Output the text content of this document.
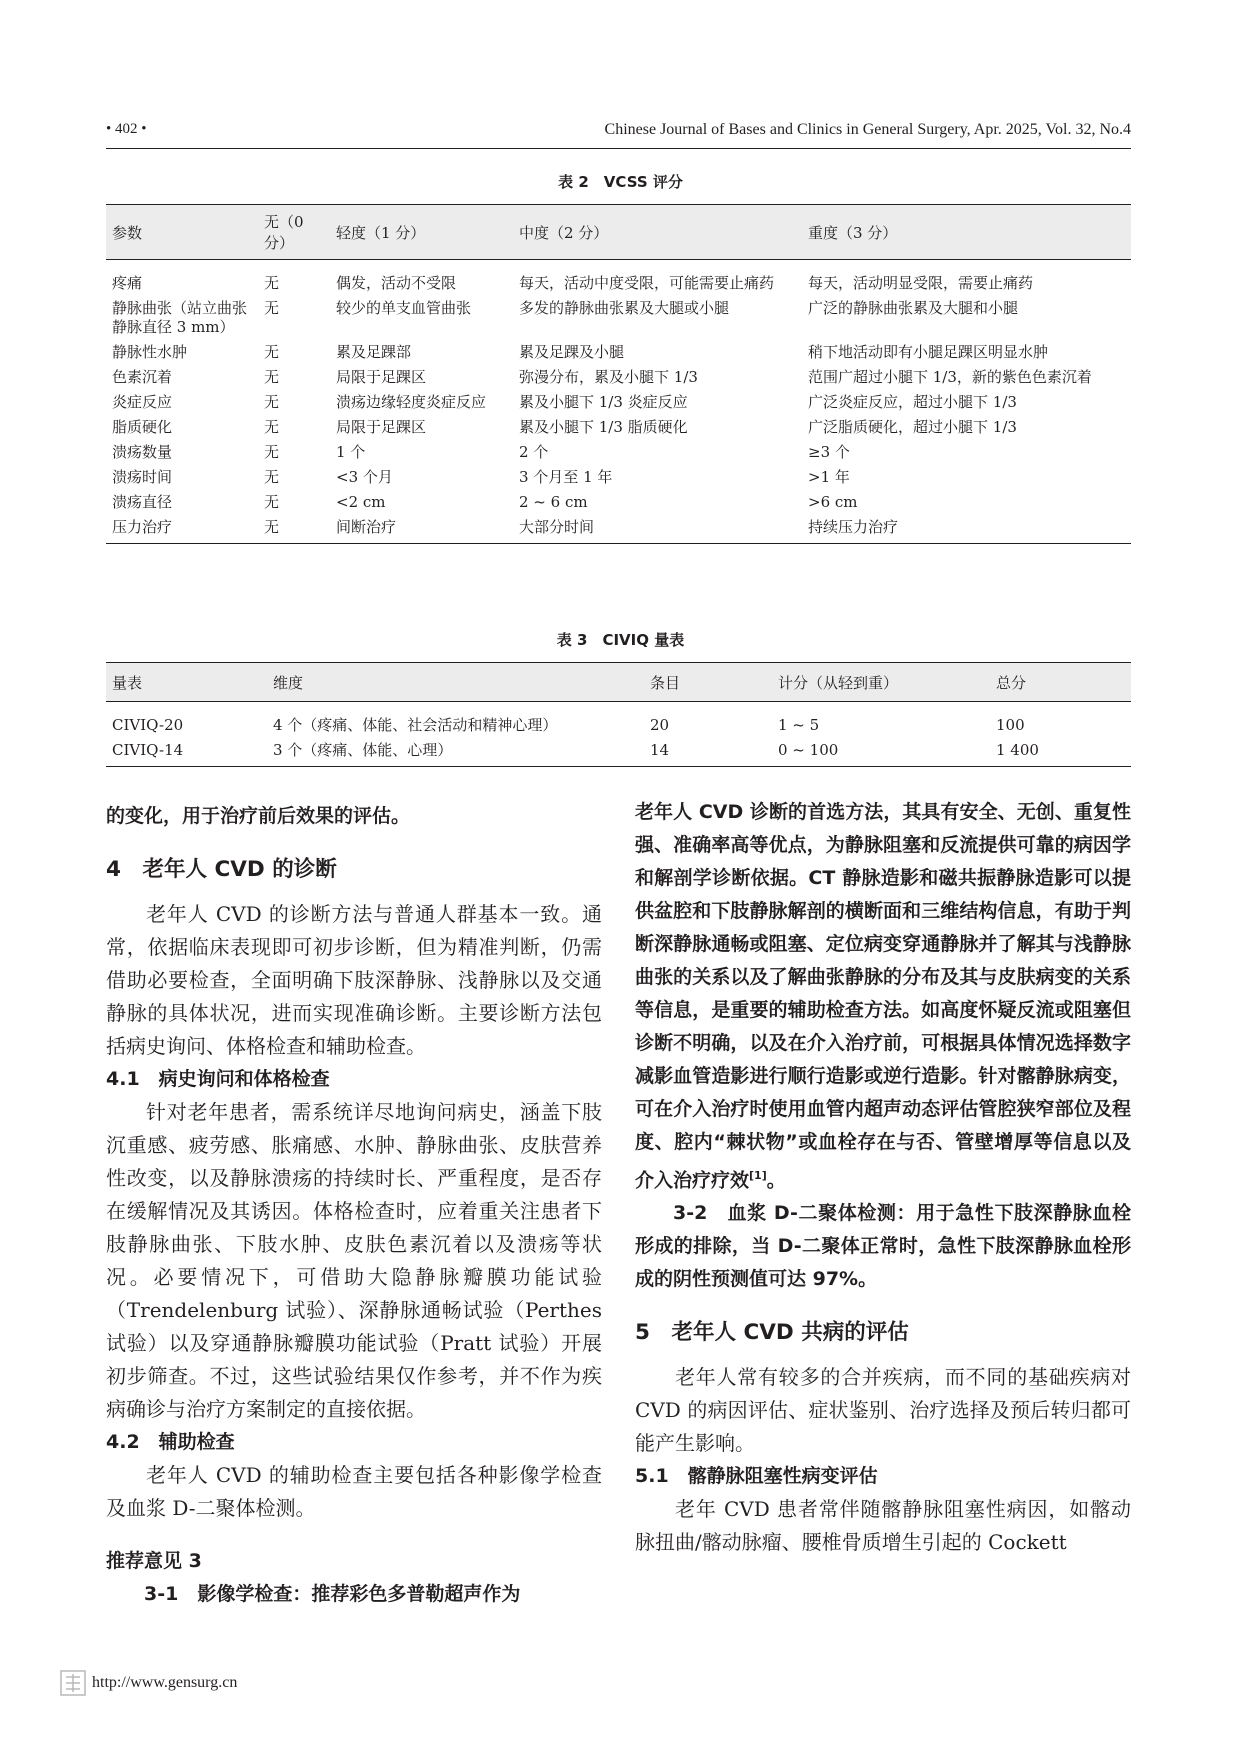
• 402 •	Chinese Journal of Bases and Clinics in General Surgery, Apr. 2025, Vol. 32, No.4
表 2　VCSS 评分
参数	无（0 分）	轻度（1 分）	中度（2 分）	重度（3 分）
疼痛	无	偶发，活动不受限	每天，活动中度受限，可能需要止痛药	每天，活动明显受限，需要止痛药
静脉曲张（站立曲张静脉直径 3 mm）	无	较少的单支血管曲张	多发的静脉曲张累及大腿或小腿	广泛的静脉曲张累及大腿和小腿
静脉性水肿	无	累及足踝部	累及足踝及小腿	稍下地活动即有小腿足踝区明显水肿
色素沉着	无	局限于足踝区	弥漫分布，累及小腿下 1/3	范围广超过小腿下 1/3，新的紫色色素沉着
炎症反应	无	溃疡边缘轻度炎症反应	累及小腿下 1/3 炎症反应	广泛炎症反应，超过小腿下 1/3
脂质硬化	无	局限于足踝区	累及小腿下 1/3 脂质硬化	广泛脂质硬化，超过小腿下 1/3
溃疡数量	无	1 个	2 个	≥3 个
溃疡时间	无	<3 个月	3 个月至 1 年	>1 年
溃疡直径	无	<2 cm	2 ~ 6 cm	>6 cm
压力治疗	无	间断治疗	大部分时间	持续压力治疗
表 3　CIVIQ 量表
量表	维度	条目	计分（从轻到重）	总分
CIVIQ-20	4 个（疼痛、体能、社会活动和精神心理）	20	1 ~ 5	100
CIVIQ-14	3 个（疼痛、体能、心理）	14	0 ~ 100	1 400

的变化，用于治疗前后效果的评估。

4　老年人 CVD 的诊断

老年人 CVD 的诊断方法与普通人群基本一致。通常，依据临床表现即可初步诊断，但为精准判断，仍需借助必要检查，全面明确下肢深静脉、浅静脉以及交通静脉的具体状况，进而实现准确诊断。主要诊断方法包括病史询问、体格检查和辅助检查。

4.1　病史询问和体格检查

针对老年患者，需系统详尽地询问病史，涵盖下肢沉重感、疲劳感、胀痛感、水肿、静脉曲张、皮肤营养性改变，以及静脉溃疡的持续时长、严重程度，是否存在缓解情况及其诱因。体格检查时，应着重关注患者下肢静脉曲张、下肢水肿、皮肤色素沉着以及溃疡等状况。必要情况下，可借助大隐静脉瓣膜功能试验（Trendelenburg 试验）、深静脉通畅试验（Perthes 试验）以及穿通静脉瓣膜功能试验（Pratt 试验）开展初步筛查。不过，这些试验结果仅作参考，并不作为疾病确诊与治疗方案制定的直接依据。

4.2　辅助检查

老年人 CVD 的辅助检查主要包括各种影像学检查及血浆 D-二聚体检测。

推荐意见 3

3-1　影像学检查：推荐彩色多普勒超声作为

老年人 CVD 诊断的首选方法，其具有安全、无创、重复性强、准确率高等优点，为静脉阻塞和反流提供可靠的病因学和解剖学诊断依据。CT 静脉造影和磁共振静脉造影可以提供盆腔和下肢静脉解剖的横断面和三维结构信息，有助于判断深静脉通畅或阻塞、定位病变穿通静脉并了解其与浅静脉曲张的关系以及了解曲张静脉的分布及其与皮肤病变的关系等信息，是重要的辅助检查方法。如高度怀疑反流或阻塞但诊断不明确，以及在介入治疗前，可根据具体情况选择数字减影血管造影进行顺行造影或逆行造影。针对髂静脉病变，可在介入治疗时使用血管内超声动态评估管腔狭窄部位及程度、腔内“棘状物”或血栓存在与否、管壁增厚等信息以及介入治疗疗效[1]。

3-2　血浆 D-二聚体检测：用于急性下肢深静脉血栓形成的排除，当 D-二聚体正常时，急性下肢深静脉血栓形成的阴性预测值可达 97%。

5　老年人 CVD 共病的评估

老年人常有较多的合并疾病，而不同的基础疾病对 CVD 的病因评估、症状鉴别、治疗选择及预后转归都可能产生影响。

5.1　髂静脉阻塞性病变评估

老年 CVD 患者常伴随髂静脉阻塞性病因，如髂动脉扭曲/髂动脉瘤、腰椎骨质增生引起的 Cockett

http://www.gensurg.cn
